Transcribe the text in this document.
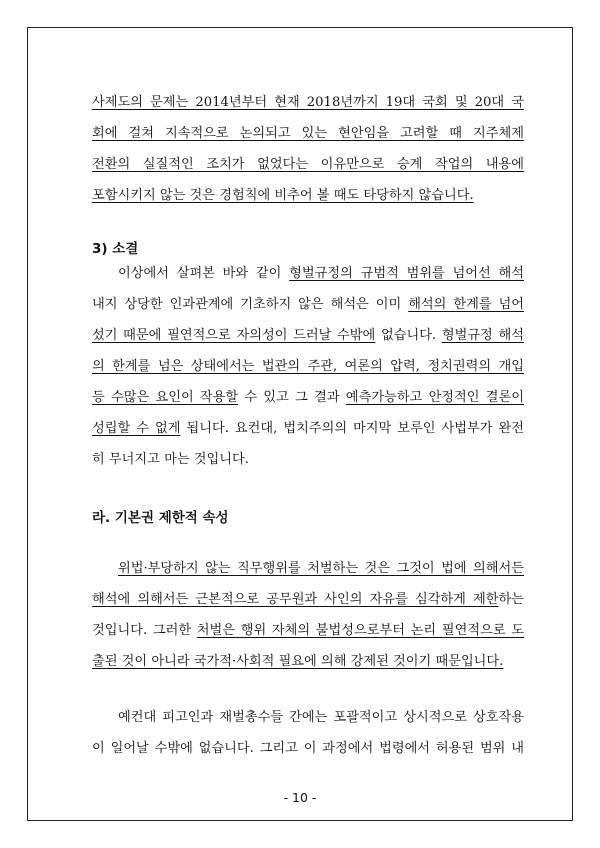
사제도의 문제는 2014년부터 현재 2018년까지 19대 국회 및 20대 국
회에 걸쳐 지속적으로 논의되고 있는 현안임을 고려할 때 지주체제
전환의 실질적인 조치가 없었다는 이유만으로 승계 작업의 내용에
포함시키지 않는 것은 경험칙에 비추어 볼 때도 타당하지 않습니다.
3) 소결
이상에서 살펴본 바와 같이 형벌규정의 규범적 범위를 넘어선 해석
내지 상당한 인과관계에 기초하지 않은 해석은 이미 해석의 한계를 넘어
섰기 때문에 필연적으로 자의성이 드러날 수밖에 없습니다. 형벌규정 해석
의 한계를 넘은 상태에서는 법관의 주관, 여론의 압력, 정치권력의 개입
등 수많은 요인이 작용할 수 있고 그 결과 예측가능하고 안정적인 결론이
성립할 수 없게 됩니다. 요컨대, 법치주의의 마지막 보루인 사법부가 완전
히 무너지고 마는 것입니다.
라. 기본권 제한적 속성
위법·부당하지 않는 직무행위를 처벌하는 것은 그것이 법에 의해서든
해석에 의해서든 근본적으로 공무원과 사인의 자유를 심각하게 제한하는
것입니다. 그러한 처벌은 행위 자체의 불법성으로부터 논리 필연적으로 도
출된 것이 아니라 국가적·사회적 필요에 의해 강제된 것이기 때문입니다.
예컨대 피고인과 재벌총수들 간에는 포괄적이고 상시적으로 상호작용
이 일어날 수밖에 없습니다. 그리고 이 과정에서 법령에서 허용된 범위 내
- 10 -
